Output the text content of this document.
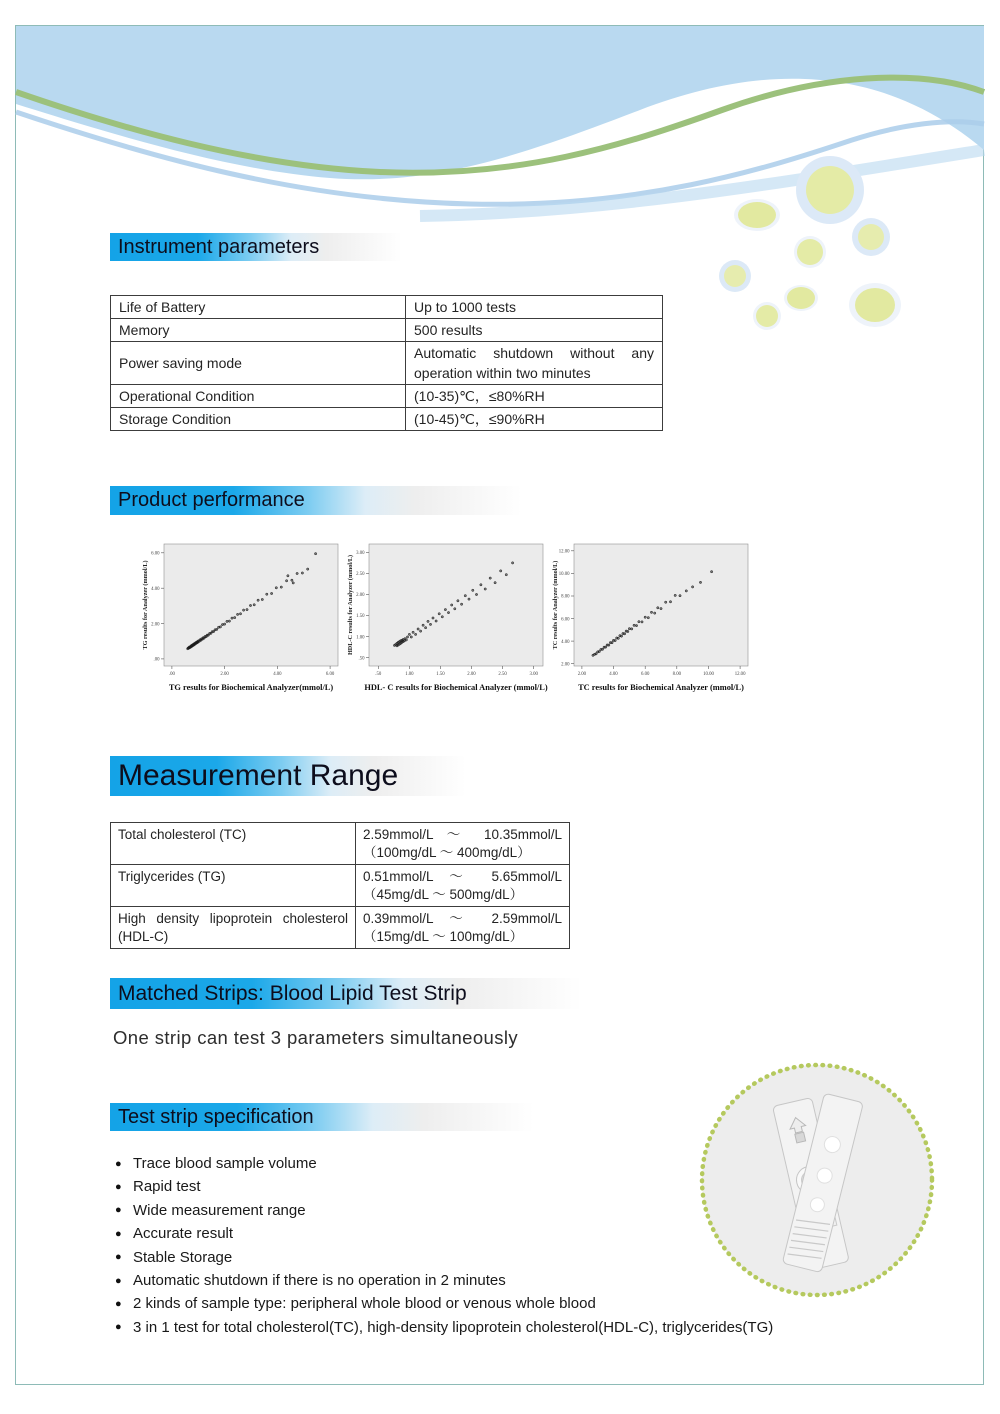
Instrument parameters
Life of Battery	Up to 1000 tests
Memory	500 results
Power saving mode	Automatic shutdown without any operation within two minutes
Operational Condition	(10-35)℃，≤80%RH
Storage Condition	(10-45)℃，≤90%RH
Product performance
.00	2.00	4.00	6.00
.00
2.00
4.00
6.00
TG results for Biochemical Analyzer(mmol/L)
TG results for Analyzer (mmol/L)
.50	1.00	1.50	2.00	2.50	3.00
.50
1.00
1.50
2.00
2.50
3.00
HDL- C results for Biochemical Analyzer (mmol/L)
HDL-C results for Analyzer (mmol/L)
2.00	4.00	6.00	8.00	10.00	12.00
2.00
4.00
6.00
8.00
10.00
12.00
TC results for Biochemical Analyzer (mmol/L)
TC results for Analyzer (mmol/L)
Measurement Range
Total cholesterol (TC)	2.59mmol/L ～ 10.35mmol/L （100mg/dL ～ 400mg/dL）
Triglycerides (TG)	0.51mmol/L ～ 5.65mmol/L （45mg/dL ～ 500mg/dL）
High density lipoprotein cholesterol (HDL-C)	0.39mmol/L ～ 2.59mmol/L （15mg/dL ～ 100mg/dL）
Matched Strips: Blood Lipid Test Strip
One strip can test 3 parameters simultaneously
Test strip specification
● Trace blood sample volume
● Rapid test
● Wide measurement range
● Accurate result
● Stable Storage
● Automatic shutdown if there is no operation in 2 minutes
● 2 kinds of sample type: peripheral whole blood or venous whole blood
● 3 in 1 test for total cholesterol(TC), high-density lipoprotein cholesterol(HDL-C), triglycerides(TG)
